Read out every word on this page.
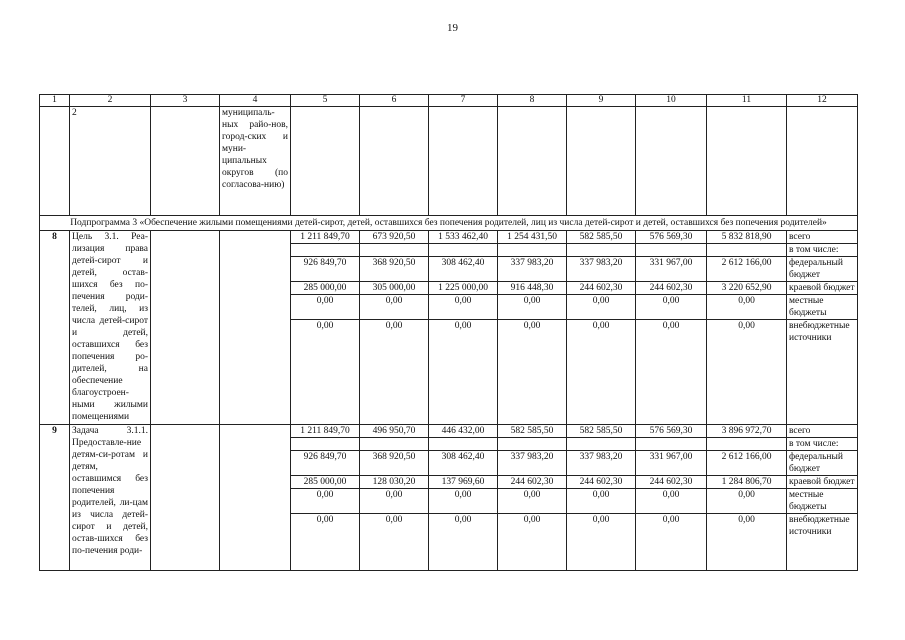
19
1	2	3	4	5	6	7	8	9	10	11	12
	2		муниципаль-ных райо-нов, город-ских и муни-ципальных округов (по согласова-нию)								
Подпрограмма 3 «Обеспечение жилыми помещениями детей-сирот, детей, оставшихся без попечения родителей, лиц из числа детей-сирот и детей, оставшихся без попечения родителей»											
8	Цель 3.1. Реа-лизация права детей-сирот и детей, остав-шихся без по-печения роди-телей, лиц, из числа детей-сирот и детей, оставшихся без попечения ро-дителей, на обеспечение благоустроен-ными жилыми помещениями			1 211 849,70	673 920,50	1 533 462,40	1 254 431,50	582 585,50	576 569,30	5 832 818,90	всего
											в том числе:
				926 849,70	368 920,50	308 462,40	337 983,20	337 983,20	331 967,00	2 612 166,00	федеральный бюджет
				285 000,00	305 000,00	1 225 000,00	916 448,30	244 602,30	244 602,30	3 220 652,90	краевой бюджет
				0,00	0,00	0,00	0,00	0,00	0,00	0,00	местные бюджеты
				0,00	0,00	0,00	0,00	0,00	0,00	0,00	внебюджетные источники
9	Задача 3.1.1. Предоставле-ние детям-си-ротам и детям, оставшимся без попечения родителей, ли-цам из числа детей-сирот и детей, остав-шихся без по-печения роди-			1 211 849,70	496 950,70	446 432,00	582 585,50	582 585,50	576 569,30	3 896 972,70	всего
											в том числе:
				926 849,70	368 920,50	308 462,40	337 983,20	337 983,20	331 967,00	2 612 166,00	федеральный бюджет
				285 000,00	128 030,20	137 969,60	244 602,30	244 602,30	244 602,30	1 284 806,70	краевой бюджет
				0,00	0,00	0,00	0,00	0,00	0,00	0,00	местные бюджеты
				0,00	0,00	0,00	0,00	0,00	0,00	0,00	внебюджетные источники
